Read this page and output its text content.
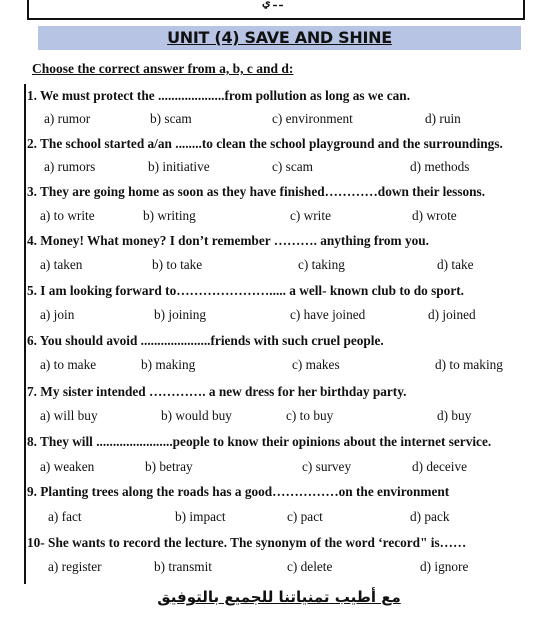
ـ ـ ي
UNIT (4) SAVE AND SHINE
Choose the correct answer from a, b, c and d:
1. We must protect the ....................from pollution as long as we can.
a) rumor	b) scam	c) environment	d) ruin
2. The school started a/an ........to clean the school playground and the surroundings.
a) rumors	b) initiative	c) scam	d) methods
3. They are going home as soon as they have finished…………down their lessons.
a) to write	b) writing	c) write	d) wrote
4. Money! What money? I don’t remember ………. anything from you.
a) taken	b) to take	c) taking	d) take
5. I am looking forward to…………………..... a well- known club to do sport.
a) join	b) joining	c) have joined	d) joined
6. You should avoid .....................friends with such cruel people.
a) to make	b) making	c) makes	d) to making
7. My sister intended …………. a new dress for her birthday party.
a) will buy	b) would buy	c) to buy	d) buy
8. They will .......................people to know their opinions about the internet service.
a) weaken	b) betray	c) survey	d) deceive
9. Planting trees along the roads has a good……………on the environment
a) fact	b) impact	c) pact	d) pack
10- She wants to record the lecture. The synonym of the word ‘record" is……
a) register	b) transmit	c) delete	d) ignore
مع أطيب تمنياتنا للجميع بالتوفيق
